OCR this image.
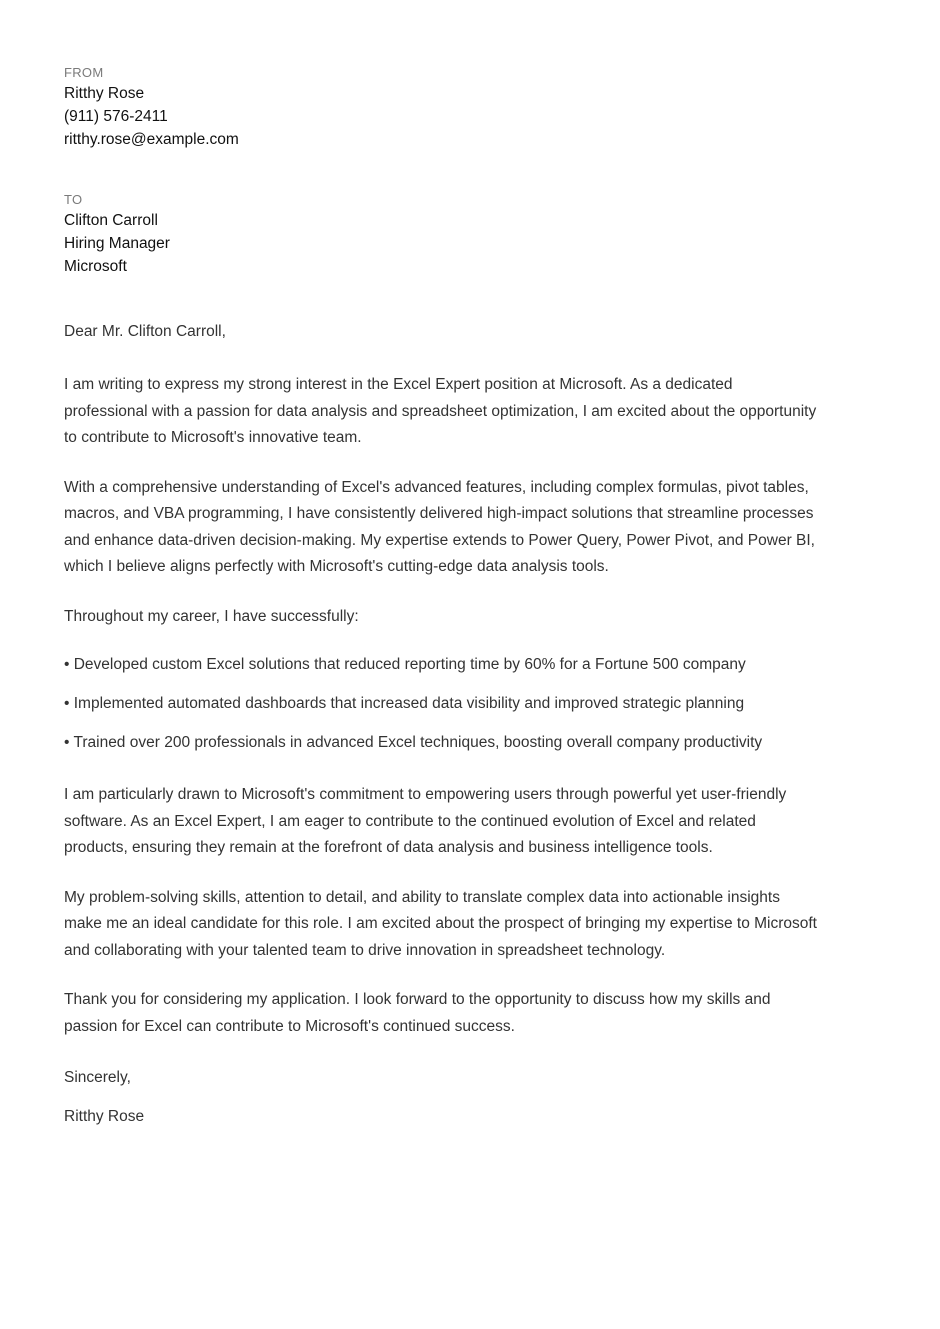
FROM
Ritthy Rose
(911) 576-2411
ritthy.rose@example.com
TO
Clifton Carroll
Hiring Manager
Microsoft
Dear Mr. Clifton Carroll,
I am writing to express my strong interest in the Excel Expert position at Microsoft. As a dedicated
professional with a passion for data analysis and spreadsheet optimization, I am excited about the opportunity
to contribute to Microsoft's innovative team.
With a comprehensive understanding of Excel's advanced features, including complex formulas, pivot tables,
macros, and VBA programming, I have consistently delivered high-impact solutions that streamline processes
and enhance data-driven decision-making. My expertise extends to Power Query, Power Pivot, and Power BI,
which I believe aligns perfectly with Microsoft's cutting-edge data analysis tools.
Throughout my career, I have successfully:
• Developed custom Excel solutions that reduced reporting time by 60% for a Fortune 500 company
• Implemented automated dashboards that increased data visibility and improved strategic planning
• Trained over 200 professionals in advanced Excel techniques, boosting overall company productivity
I am particularly drawn to Microsoft's commitment to empowering users through powerful yet user-friendly
software. As an Excel Expert, I am eager to contribute to the continued evolution of Excel and related
products, ensuring they remain at the forefront of data analysis and business intelligence tools.
My problem-solving skills, attention to detail, and ability to translate complex data into actionable insights
make me an ideal candidate for this role. I am excited about the prospect of bringing my expertise to Microsoft
and collaborating with your talented team to drive innovation in spreadsheet technology.
Thank you for considering my application. I look forward to the opportunity to discuss how my skills and
passion for Excel can contribute to Microsoft's continued success.
Sincerely,
Ritthy Rose
